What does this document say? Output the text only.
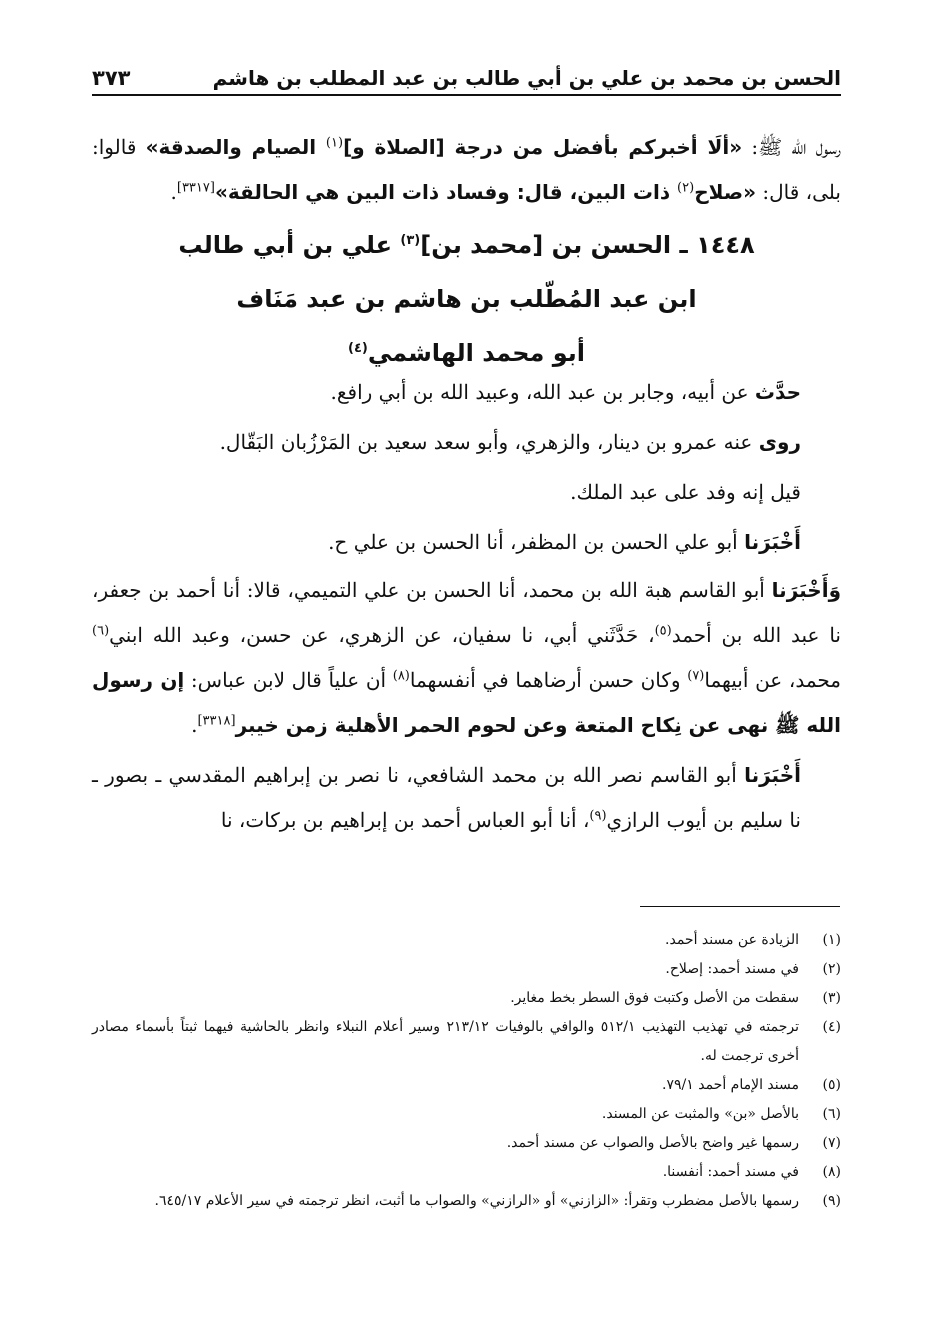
٣٧٣	الحسن بن محمد بن علي بن أبي طالب بن عبد المطلب بن هاشم

رسول الله ﷺ: «ألَا أخبركم بأفضل من درجة [الصلاة و]$^{(١)}$ الصيام والصدقة» قالوا: بلى، قال: «صلاح$^{(٢)}$ ذات البين، قال: وفساد ذات البين هي الحالقة»[٣٣١٧].

١٤٤٨ ـ الحسن بن [محمد بن]$^{(٣)}$ علي بن أبي طالب
ابن عبد المُطّلب بن هاشم بن عبد مَنَاف
أبو محمد الهاشمي$^{(٤)}$

حدَّث عن أبيه، وجابر بن عبد الله، وعبيد الله بن أبي رافع.

روى عنه عمرو بن دينار، والزهري، وأبو سعد سعيد بن المَرْزُبان البَقّال.

قيل إنه وفد على عبد الملك.

أَخْبَرَنا أبو علي الحسن بن المظفر، أنا الحسن بن علي ح.

وَأَخْبَرَنا أبو القاسم هبة الله بن محمد، أنا الحسن بن علي التميمي، قالا: أنا أحمد بن جعفر، نا عبد الله بن أحمد$^{(٥)}$، حَدَّثَني أبي، نا سفيان، عن الزهري، عن حسن، وعبد الله ابني$^{(٦)}$ محمد، عن أبيهما$^{(٧)}$ وكان حسن أرضاهما في أنفسهما$^{(٨)}$ أن علياً قال لابن عباس: إن رسول الله ﷺ نهى عن نِكاح المتعة وعن لحوم الحمر الأهلية زمن خيبر[٣٣١٨].

أَخْبَرَنا أبو القاسم نصر الله بن محمد الشافعي، نا نصر بن إبراهيم المقدسي ـ بصور ـ نا سليم بن أيوب الرازي$^{(٩)}$، أنا أبو العباس أحمد بن إبراهيم بن بركات، نا

(١)
الزيادة عن مسند أحمد.
(٢)
في مسند أحمد: إصلاح.
(٣)
سقطت من الأصل وكتبت فوق السطر بخط مغاير.
(٤)
ترجمته في تهذيب التهذيب ٥١٢/١ والوافي بالوفيات ٢١٣/١٢ وسير أعلام النبلاء وانظر بالحاشية فيهما ثبتاً بأسماء مصادر أخرى ترجمت له.
(٥)
مسند الإمام أحمد ٧٩/١.
(٦)
بالأصل «بن» والمثبت عن المسند.
(٧)
رسمها غير واضح بالأصل والصواب عن مسند أحمد.
(٨)
في مسند أحمد: أنفسنا.
(٩)
رسمها بالأصل مضطرب وتقرأ: «الزازني» أو «الرازني» والصواب ما أثبت، انظر ترجمته في سير الأعلام ٦٤٥/١٧.
